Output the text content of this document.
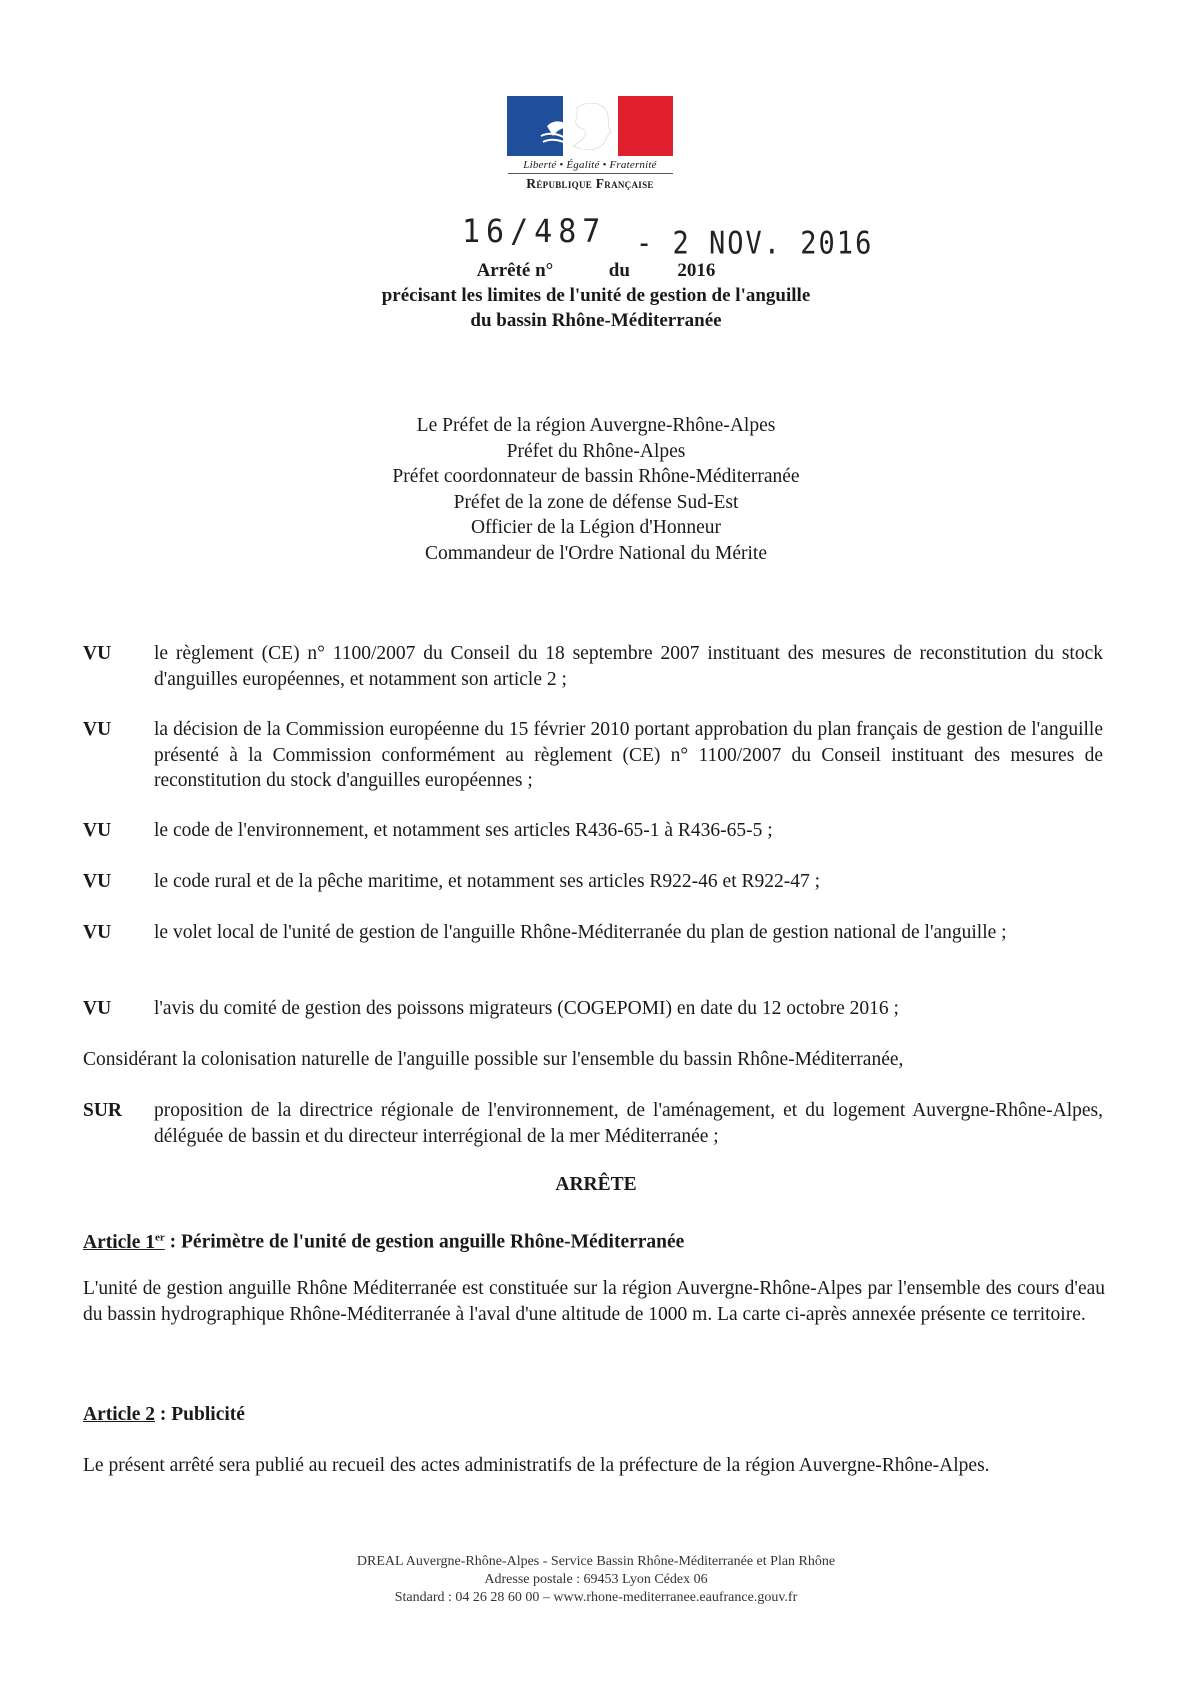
Liberté • Égalité • Fraternité
République Française
16/487 - 2 NOV. 2016
Arrêté n°	du	2016
précisant les limites de l'unité de gestion de l'anguille
du bassin Rhône-Méditerranée
Le Préfet de la région Auvergne-Rhône-Alpes
Préfet du Rhône-Alpes
Préfet coordonnateur de bassin Rhône-Méditerranée
Préfet de la zone de défense Sud-Est
Officier de la Légion d'Honneur
Commandeur de l'Ordre National du Mérite
VU le règlement (CE) n° 1100/2007 du Conseil du 18 septembre 2007 instituant des mesures de reconstitution du stock d'anguilles européennes, et notamment son article 2 ;
VU la décision de la Commission européenne du 15 février 2010 portant approbation du plan français de gestion de l'anguille présenté à la Commission conformément au règlement (CE) n° 1100/2007 du Conseil instituant des mesures de reconstitution du stock d'anguilles européennes ;
VU le code de l'environnement, et notamment ses articles R436-65-1 à R436-65-5 ;
VU le code rural et de la pêche maritime, et notamment ses articles R922-46 et R922-47 ;
VU le volet local de l'unité de gestion de l'anguille Rhône-Méditerranée du plan de gestion national de l'anguille ;
VU l'avis du comité de gestion des poissons migrateurs (COGEPOMI) en date du 12 octobre 2016 ;
Considérant la colonisation naturelle de l'anguille possible sur l'ensemble du bassin Rhône-Méditerranée,
SUR proposition de la directrice régionale de l'environnement, de l'aménagement, et du logement Auvergne-Rhône-Alpes, déléguée de bassin et du directeur interrégional de la mer Méditerranée ;
ARRÊTE
Article 1er : Périmètre de l'unité de gestion anguille Rhône-Méditerranée
L'unité de gestion anguille Rhône Méditerranée est constituée sur la région Auvergne-Rhône-Alpes par l'ensemble des cours d'eau du bassin hydrographique Rhône-Méditerranée à l'aval d'une altitude de 1000 m. La carte ci-après annexée présente ce territoire.
Article 2 : Publicité
Le présent arrêté sera publié au recueil des actes administratifs de la préfecture de la région Auvergne-Rhône-Alpes.
DREAL Auvergne-Rhône-Alpes - Service Bassin Rhône-Méditerranée et Plan Rhône
Adresse postale : 69453 Lyon Cédex 06
Standard : 04 26 28 60 00 – www.rhone-mediterranee.eaufrance.gouv.fr
